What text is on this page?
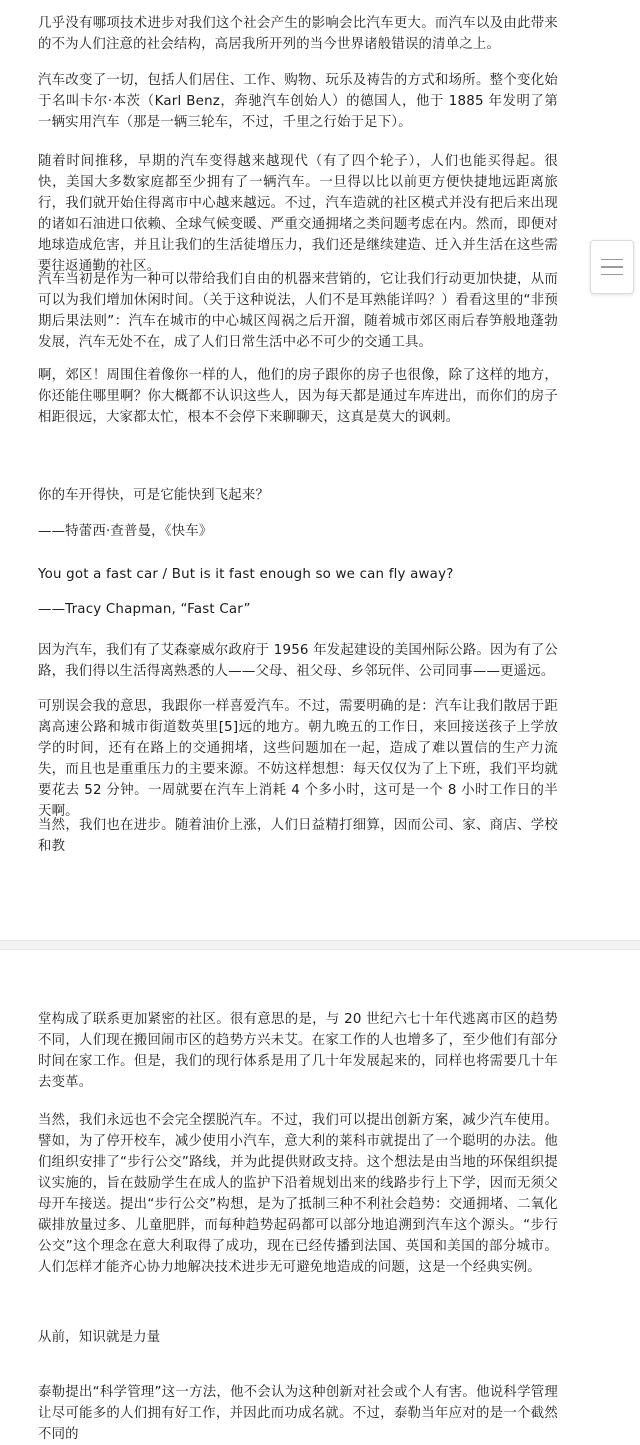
几乎没有哪项技术进步对我们这个社会产生的影响会比汽车更大。而汽车以及由此带来的不为人们注意的社会结构，高居我所开列的当今世界诸般错误的清单之上。

汽车改变了一切，包括人们居住、工作、购物、玩乐及祷告的方式和场所。整个变化始于名叫卡尔·本茨（Karl Benz，奔驰汽车创始人）的德国人，他于 1885 年发明了第一辆实用汽车（那是一辆三轮车，不过，千里之行始于足下）。

随着时间推移，早期的汽车变得越来越现代（有了四个轮子），人们也能买得起。很快，美国大多数家庭都至少拥有了一辆汽车。一旦得以比以前更方便快捷地远距离旅行，我们就开始住得离市中心越来越远。不过，汽车造就的社区模式并没有把后来出现的诸如石油进口依赖、全球气候变暖、严重交通拥堵之类问题考虑在内。然而，即便对地球造成危害，并且让我们的生活徒增压力，我们还是继续建造、迁入并生活在这些需要往返通勤的社区。

汽车当初是作为一种可以带给我们自由的机器来营销的，它让我们行动更加快捷，从而可以为我们增加休闲时间。（关于这种说法，人们不是耳熟能详吗？）看看这里的“非预期后果法则”：汽车在城市的中心城区闯祸之后开溜，随着城市郊区雨后春笋般地蓬勃发展，汽车无处不在，成了人们日常生活中必不可少的交通工具。

啊，郊区！周围住着像你一样的人，他们的房子跟你的房子也很像，除了这样的地方，你还能住哪里啊？你大概都不认识这些人，因为每天都是通过车库进出，而你们的房子相距很远，大家都太忙，根本不会停下来聊聊天，这真是莫大的讽刺。

你的车开得快，可是它能快到飞起来？

——特蕾西·查普曼，《快车》

You got a fast car / But is it fast enough so we can fly away?

——Tracy Chapman, “Fast Car”

因为汽车，我们有了艾森豪威尔政府于 1956 年发起建设的美国州际公路。因为有了公路，我们得以生活得离熟悉的人——父母、祖父母、乡邻玩伴、公司同事——更遥远。

可别误会我的意思，我跟你一样喜爱汽车。不过，需要明确的是：汽车让我们散居于距离高速公路和城市街道数英里[5]远的地方。朝九晚五的工作日，来回接送孩子上学放学的时间，还有在路上的交通拥堵，这些问题加在一起，造成了难以置信的生产力流失，而且也是重重压力的主要来源。不妨这样想想：每天仅仅为了上下班，我们平均就要花去 52 分钟。一周就要在汽车上消耗 4 个多小时，这可是一个 8 小时工作日的半天啊。

当然，我们也在进步。随着油价上涨，人们日益精打细算，因而公司、家、商店、学校和教

堂构成了联系更加紧密的社区。很有意思的是，与 20 世纪六七十年代逃离市区的趋势不同，人们现在搬回闹市区的趋势方兴未艾。在家工作的人也增多了，至少他们有部分时间在家工作。但是，我们的现行体系是用了几十年发展起来的，同样也将需要几十年去变革。

当然，我们永远也不会完全摆脱汽车。不过，我们可以提出创新方案，减少汽车使用。譬如，为了停开校车，减少使用小汽车，意大利的莱科市就提出了一个聪明的办法。他们组织安排了“步行公交”路线，并为此提供财政支持。这个想法是由当地的环保组织提议实施的，旨在鼓励学生在成人的监护下沿着规划出来的线路步行上下学，因而无须父母开车接送。提出“步行公交”构想，是为了抵制三种不利社会趋势：交通拥堵、二氧化碳排放量过多、儿童肥胖，而每种趋势起码都可以部分地追溯到汽车这个源头。“步行公交”这个理念在意大利取得了成功，现在已经传播到法国、英国和美国的部分城市。人们怎样才能齐心协力地解决技术进步无可避免地造成的问题，这是一个经典实例。

从前，知识就是力量

泰勒提出“科学管理”这一方法，他不会认为这种创新对社会或个人有害。他说科学管理让尽可能多的人们拥有好工作，并因此而功成名就。不过，泰勒当年应对的是一个截然不同的
